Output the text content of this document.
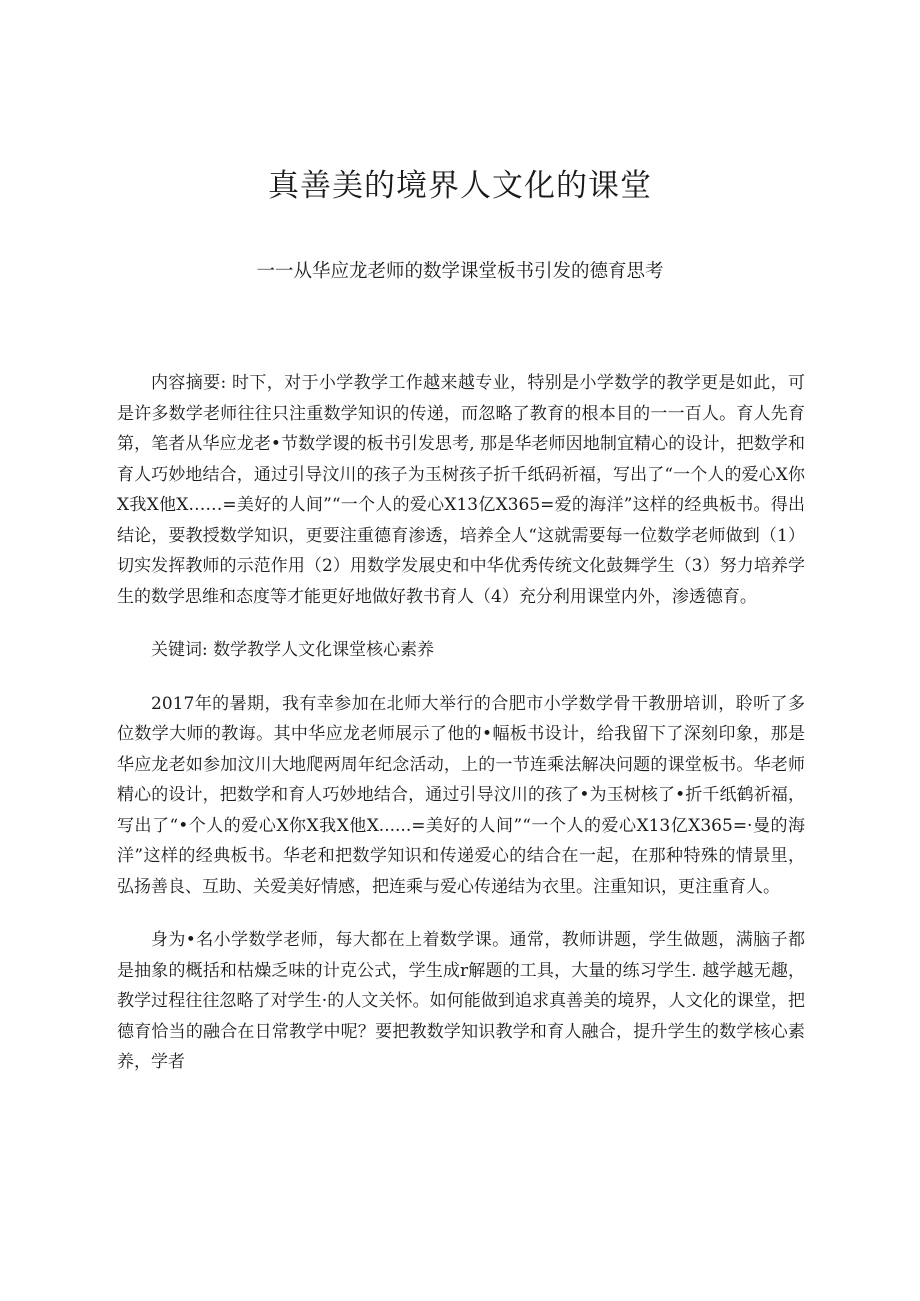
真善美的境界人文化的课堂
一一从华应龙老师的数学课堂板书引发的德育思考

内容摘要: 时下，对于小学教学工作越来越专业，特别是小学数学的教学更是如此，可是许多数学老师往往只注重数学知识的传递，而忽略了教育的根本目的一一百人。育人先育第，笔者从华应龙老•节数学谡的板书引发思考, 那是华老师因地制宜精心的设计，把数学和育人巧妙地结合，通过引导汶川的孩子为玉树孩子折千纸码祈福，写出了“一个人的爱心X你X我X他X……=美好的人间”“一个人的爱心X13亿X365=爱的海洋”这样的经典板书。得出结论，要教授数学知识，更要注重德育渗透，培养全人“这就需要每一位数学老师做到（1）切实发挥教师的示范作用（2）用数学发展史和中华优秀传统文化鼓舞学生（3）努力培养学生的数学思维和态度等才能更好地做好教书育人（4）充分利用课堂内外，渗透德育。

关键词: 数学教学人文化课堂核心素养

2017年的暑期，我有幸参加在北师大举行的合肥市小学数学骨干教册培训，聆听了多位数学大师的教诲。其中华应龙老师展示了他的•幅板书设计，给我留下了深刻印象，那是华应龙老如参加汶川大地爬两周年纪念活动，上的一节连乘法解决问题的课堂板书。华老师精心的设计，把数学和育人巧妙地结合，通过引导汶川的孩了•为玉树核了•折千纸鹤祈福，写出了“•个人的爱心X你X我X他X......=美好的人间”“一个人的爱心X13亿X365=·曼的海洋”这样的经典板书。华老和把数学知识和传递爱心的结合在一起，在那种特殊的情景里，弘扬善良、互助、关爱美好情感，把连乘与爱心传递结为衣里。注重知识，更注重育人。

身为•名小学数学老师，每大都在上着数学课。通常，教师讲题，学生做题，满脑子都是抽象的概括和枯燥乏味的计克公式，学生成r解题的工具，大量的练习学生. 越学越无趣，教学过程往往忽略了对学生·的人文关怀。如何能做到追求真善美的境界，人文化的课堂，把德育恰当的融合在日常教学中呢？要把教数学知识教学和育人融合，提升学生的数学核心素养，学者
